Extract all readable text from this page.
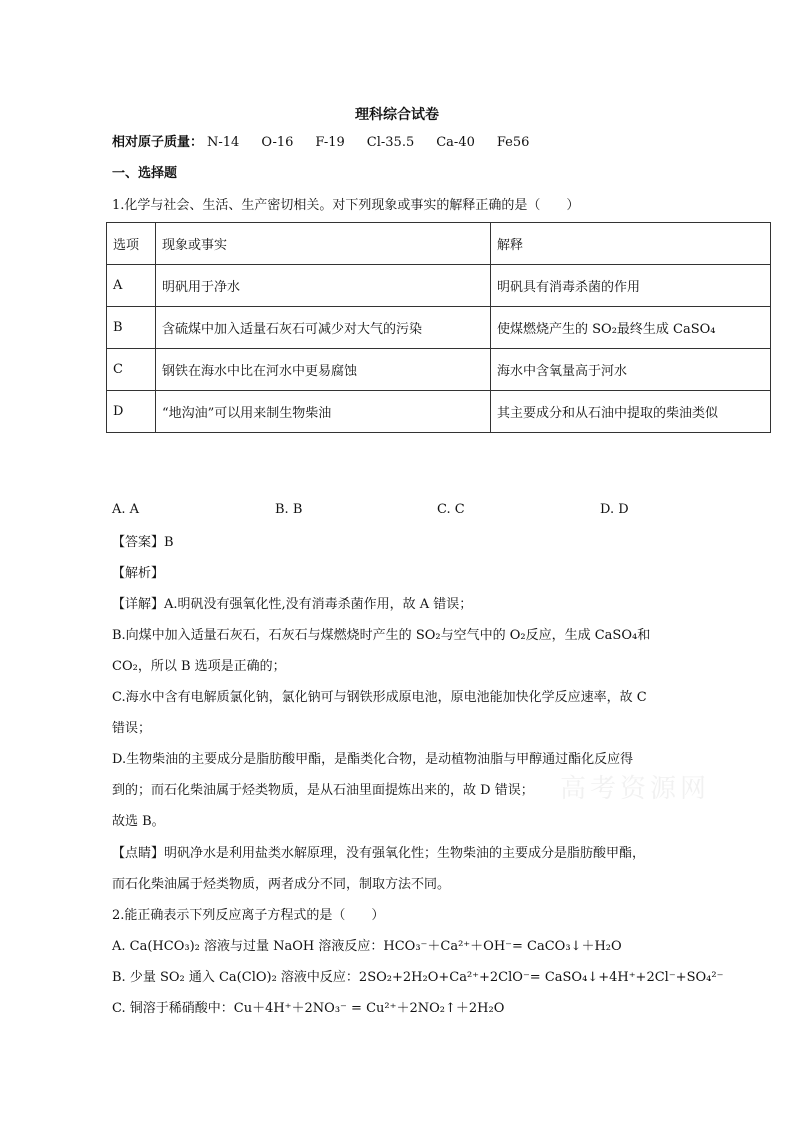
理科综合试卷
相对原子质量： N-14 O-16 F-19 Cl-35.5 Ca-40 Fe56
一、选择题
1.化学与社会、生活、生产密切相关。对下列现象或事实的解释正确的是（　　）
选项	现象或事实	解释
A	明矾用于净水	明矾具有消毒杀菌的作用
B	含硫煤中加入适量石灰石可减少对大气的污染	使煤燃烧产生的 SO₂最终生成 CaSO₄
C	钢铁在海水中比在河水中更易腐蚀	海水中含氧量高于河水
D	“地沟油”可以用来制生物柴油	其主要成分和从石油中提取的柴油类似
A. A	B. B	C. C	D. D
【答案】B
【解析】
【详解】A.明矾没有强氧化性,没有消毒杀菌作用，故 A 错误；
B.向煤中加入适量石灰石，石灰石与煤燃烧时产生的 SO₂与空气中的 O₂反应，生成 CaSO₄和
CO₂，所以 B 选项是正确的；
C.海水中含有电解质氯化钠，氯化钠可与钢铁形成原电池，原电池能加快化学反应速率，故 C
错误；
D.生物柴油的主要成分是脂肪酸甲酯，是酯类化合物，是动植物油脂与甲醇通过酯化反应得
到的；而石化柴油属于烃类物质，是从石油里面提炼出来的，故 D 错误；
故选 B。
【点睛】明矾净水是利用盐类水解原理，没有强氧化性；生物柴油的主要成分是脂肪酸甲酯，
而石化柴油属于烃类物质，两者成分不同，制取方法不同。
2.能正确表示下列反应离子方程式的是（　　）
A. Ca(HCO₃)₂ 溶液与过量 NaOH 溶液反应：HCO₃⁻＋Ca²⁺＋OH⁻= CaCO₃↓＋H₂O
B. 少量 SO₂ 通入 Ca(ClO)₂ 溶液中反应：2SO₂+2H₂O+Ca²⁺+2ClO⁻= CaSO₄↓+4H⁺+2Cl⁻+SO₄²⁻
C. 铜溶于稀硝酸中：Cu＋4H⁺＋2NO₃⁻ = Cu²⁺＋2NO₂↑＋2H₂O
高考资源网
